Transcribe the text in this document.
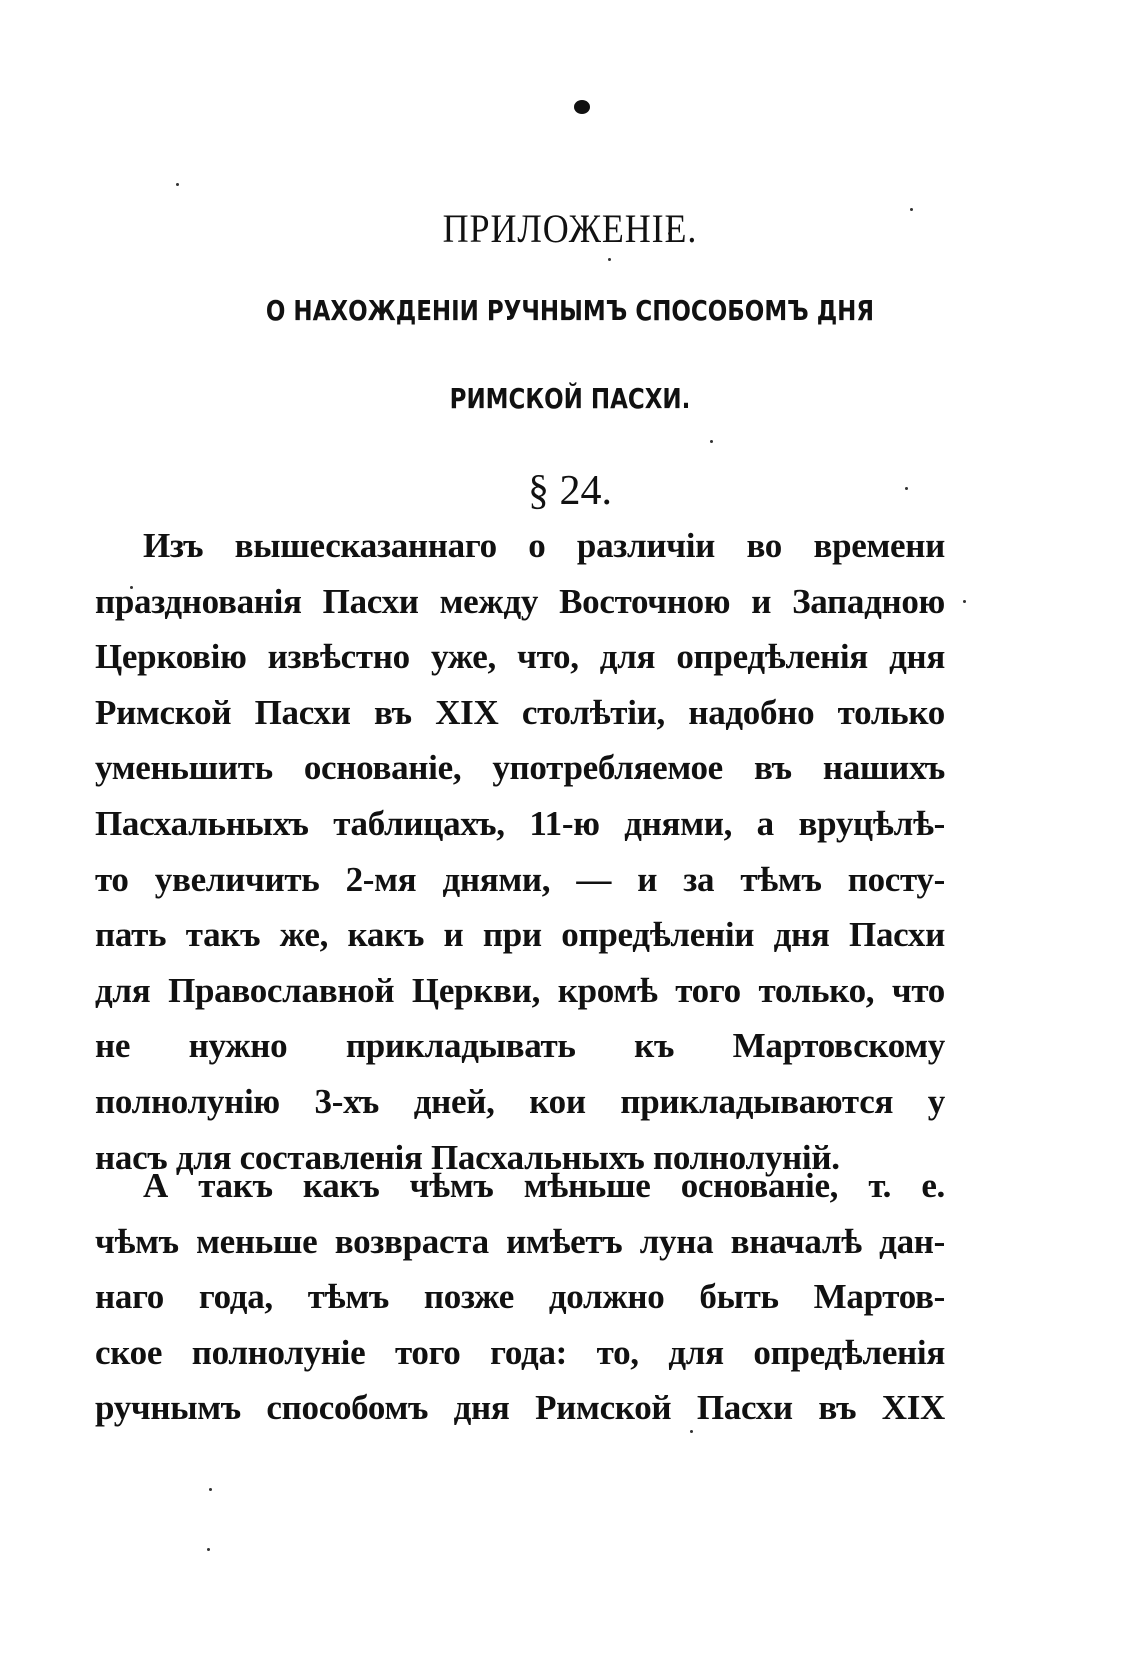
ПРИЛОЖЕНІЕ.
О НАХОЖДЕНІИ РУЧНЫМЪ СПОСОБОМЪ ДНЯ
РИМСКОЙ ПАСХИ.
§ 24.
Изъ вышесказаннаго о различіи во времени
празднованія Пасхи между Восточною и Западною
Церковію извѣстно уже, что, для опредѣленія дня
Римской Пасхи въ XIX столѣтіи, надобно только
уменьшить основаніе, употребляемое въ нашихъ
Пасхальныхъ таблицахъ, 11-ю днями, а вруцѣлѣ-
то увеличить 2-мя днями, — и за тѣмъ посту-
пать такъ же, какъ и при опредѣленіи дня Пасхи
для Православной Церкви, кромѣ того только, что
не нужно прикладывать къ Мартовскому
полнолунію 3-хъ дней, кои прикладываются у
насъ для составленія Пасхальныхъ полнолуній.
А такъ какъ чѣмъ мѣньше основаніе, т. е.
чѣмъ меньше возвраста имѣетъ луна вначалѣ дан-
наго года, тѣмъ позже должно быть Мартов-
ское полнолуніе того года: то, для опредѣленія
ручнымъ способомъ дня Римской Пасхи въ XIX
